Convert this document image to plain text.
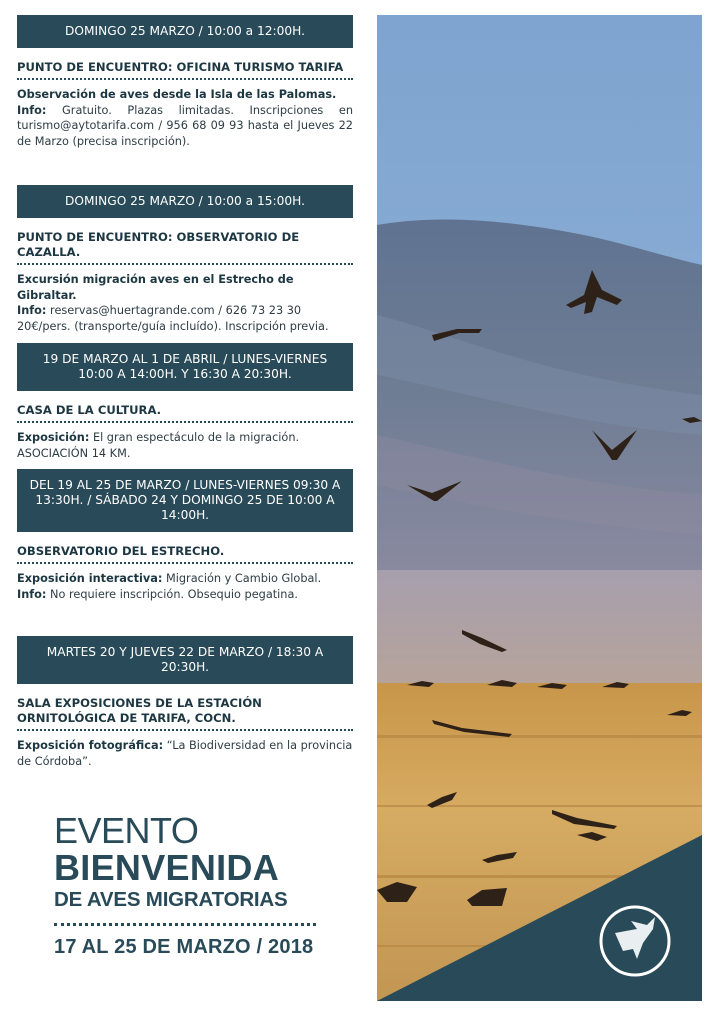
DOMINGO 25 MARZO / 10:00 a 12:00H.
PUNTO DE ENCUENTRO: OFICINA TURISMO TARIFA
Observación de aves desde la Isla de las Palomas.
Info: Gratuito. Plazas limitadas. Inscripciones en turismo@aytotarifa.com / 956 68 09 93 hasta el Jueves 22 de Marzo (precisa inscripción).
DOMINGO 25 MARZO / 10:00 a 15:00H.
PUNTO DE ENCUENTRO: OBSERVATORIO DE CAZALLA.
Excursión migración aves en el Estrecho de Gibraltar.
Info: reservas@huertagrande.com / 626 73 23 30
20€/pers. (transporte/guía incluído). Inscripción previa.
19 DE MARZO AL 1 DE ABRIL / LUNES-VIERNES 10:00 A 14:00H. Y 16:30 A 20:30H.
CASA DE LA CULTURA.
Exposición: El gran espectáculo de la migración.
ASOCIACIÓN 14 KM.
DEL 19 AL 25 DE MARZO / LUNES-VIERNES 09:30 A 13:30H. / SÁBADO 24 Y DOMINGO 25 DE 10:00 A 14:00H.
OBSERVATORIO DEL ESTRECHO.
Exposición interactiva: Migración y Cambio Global.
Info: No requiere inscripción. Obsequio pegatina.
MARTES 20 Y JUEVES 22 DE MARZO / 18:30 A 20:30H.
SALA EXPOSICIONES DE LA ESTACIÓN ORNITOLÓGICA DE TARIFA, COCN.
Exposición fotográfica: “La Biodiversidad en la provincia de Córdoba”.
EVENTO
BIENVENIDA
DE AVES MIGRATORIAS
17 AL 25 DE MARZO / 2018
